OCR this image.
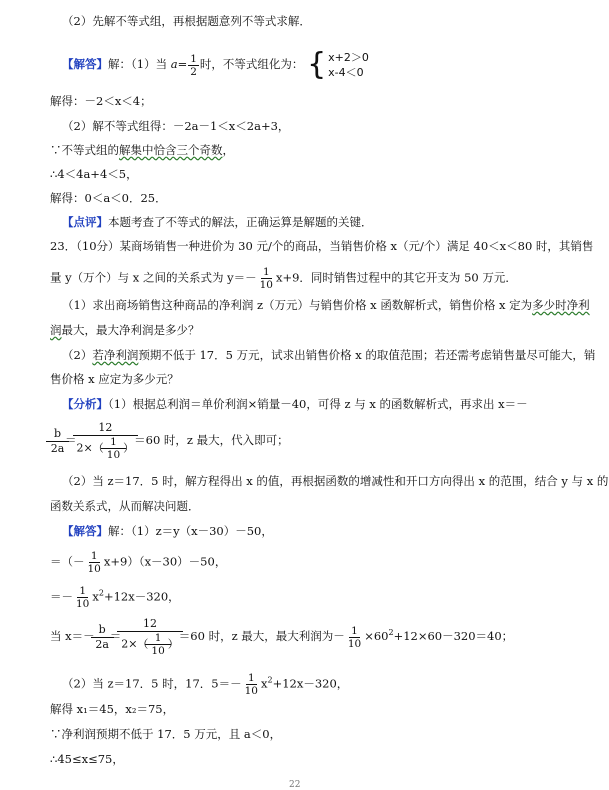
（2）先解不等式组，再根据题意列不等式求解．
【解答】解：（1）当 $a= \frac{1}{2}$ 时，不等式组化为： { x+2＞0
x-4＜0
解得：－2＜x＜4；
（2）解不等式组得：－2a－1＜x＜2a+3，
∵不等式组的解集中恰含三个奇数，
∴4＜4a+4＜5，
解得：0＜a＜0．25．
【点评】本题考查了不等式的解法，正确运算是解题的关键．
23．（10分）某商场销售一种进价为 30 元/个的商品，当销售价格 x（元/个）满足 40＜x＜80 时，其销售
量 y（万个）与 x 之间的关系式为 $y=- \frac{1}{10} x+9$．同时销售过程中的其它开支为 50 万元．
（1）求出商场销售这种商品的净利润 z（万元）与销售价格 x 函数解析式，销售价格 x 定为多少时净利
润最大，最大净利润是多少？
（2）若净利润预期不低于 17．5 万元，试求出销售价格 x 的取值范围；若还需考虑销售量尽可能大，销
售价格 x 应定为多少元？
【分析】（1）根据总利润＝单价利润×销量－40，可得 z 与 x 的函数解析式，再求出 x＝－
$\frac{b}{2a} = \frac{12}{2\times( \frac{1}{10} )} =60$ 时，z 最大，代入即可；
（2）当 z＝17．5 时，解方程得出 x 的值，再根据函数的增减性和开口方向得出 x 的范围，结合 y 与 x 的
函数关系式，从而解决问题．
【解答】解：（1）z＝y（x－30）－50，
＝（－ $\frac{1}{10} x+9)(x-30)-50$，
＝－ $\frac{1}{10} x^2+12x-320$，
当 $x=- \frac{b}{2a} = \frac{12}{2\times( \frac{1}{10} )} =60$ 时，z 最大，最大利润为－ $\frac{1}{10} \times 60^2+12\times 60-320=40$；
（2）当 z＝17．5 时，17．$5=- \frac{1}{10} x^2+12x-320$，
解得 x₁＝45，x₂＝75，
∵净利润预期不低于 17．5 万元，且 a＜0，
∴45≤x≤75，
22
